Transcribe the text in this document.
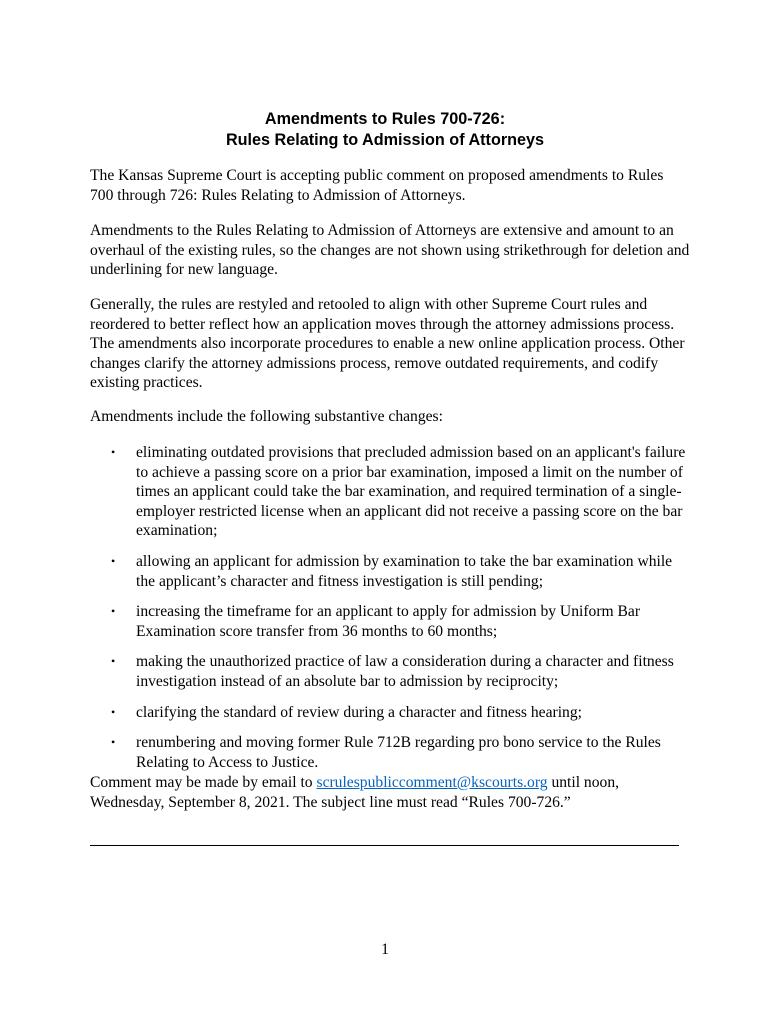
Amendments to Rules 700-726:
Rules Relating to Admission of Attorneys

The Kansas Supreme Court is accepting public comment on proposed amendments to Rules 700 through 726: Rules Relating to Admission of Attorneys.

Amendments to the Rules Relating to Admission of Attorneys are extensive and amount to an overhaul of the existing rules, so the changes are not shown using strikethrough for deletion and underlining for new language.

Generally, the rules are restyled and retooled to align with other Supreme Court rules and reordered to better reflect how an application moves through the attorney admissions process. The amendments also incorporate procedures to enable a new online application process. Other changes clarify the attorney admissions process, remove outdated requirements, and codify existing practices.

Amendments include the following substantive changes:

• eliminating outdated provisions that precluded admission based on an applicant's failure to achieve a passing score on a prior bar examination, imposed a limit on the number of times an applicant could take the bar examination, and required termination of a single-employer restricted license when an applicant did not receive a passing score on the bar examination;
• allowing an applicant for admission by examination to take the bar examination while the applicant’s character and fitness investigation is still pending;
• increasing the timeframe for an applicant to apply for admission by Uniform Bar Examination score transfer from 36 months to 60 months;
• making the unauthorized practice of law a consideration during a character and fitness investigation instead of an absolute bar to admission by reciprocity;
• clarifying the standard of review during a character and fitness hearing;
• renumbering and moving former Rule 712B regarding pro bono service to the Rules Relating to Access to Justice.

Comment may be made by email to scrulespubliccomment@kscourts.org until noon, Wednesday, September 8, 2021. The subject line must read “Rules 700-726.”

1
